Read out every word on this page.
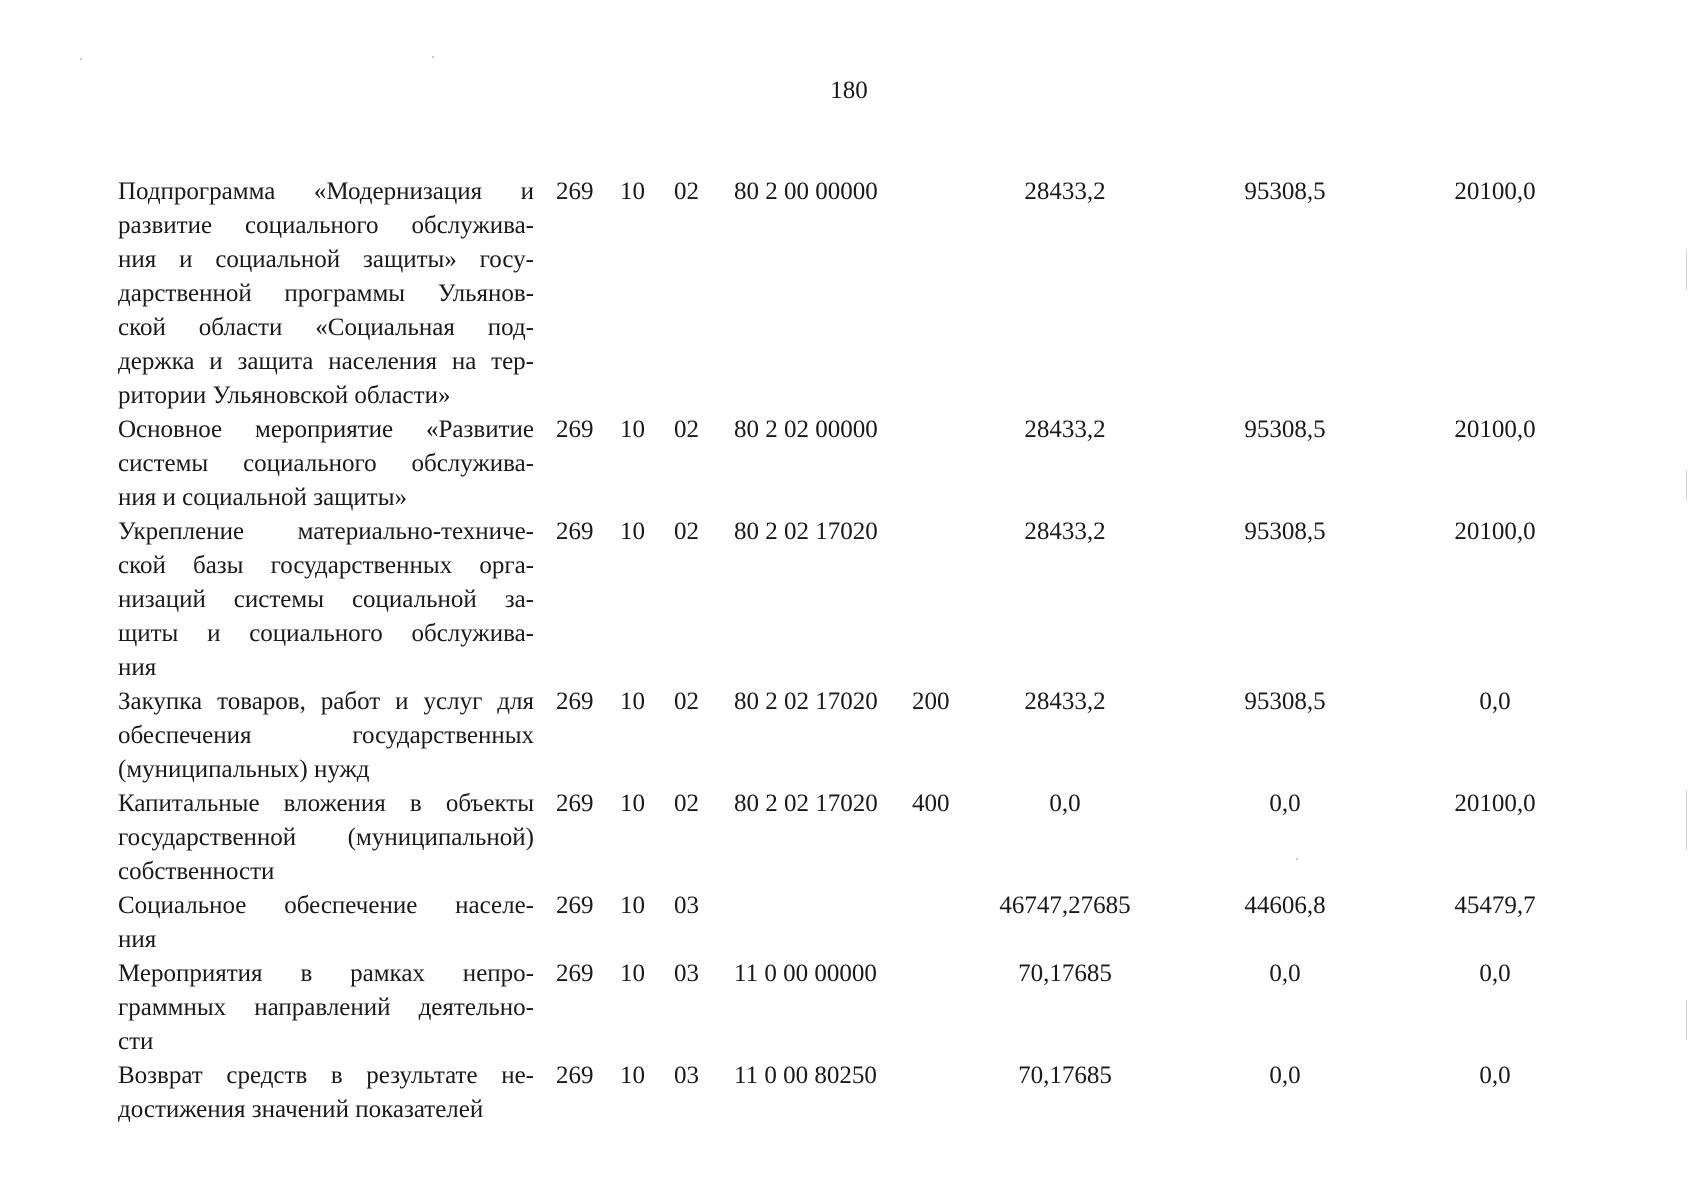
180
Подпрограмма «Модернизация и
развитие социального обслужива-
ния и социальной защиты» госу-
дарственной программы Ульянов-
ской области «Социальная под-
держка и защита населения на тер-
ритории Ульяновской области»
269 10 02 80 2 00 00000	28433,2	95308,5	20100,0
Основное мероприятие «Развитие
системы социального обслужива-
ния и социальной защиты»
269 10 02 80 2 02 00000	28433,2	95308,5	20100,0
Укрепление материально-техниче-
ской базы государственных орга-
низаций системы социальной за-
щиты и социального обслужива-
ния
269 10 02 80 2 02 17020	28433,2	95308,5	20100,0
Закупка товаров, работ и услуг для
обеспечения государственных
(муниципальных) нужд
269 10 02 80 2 02 17020 200	28433,2	95308,5	0,0
Капитальные вложения в объекты
государственной (муниципальной)
собственности
269 10 02 80 2 02 17020 400	0,0	0,0	20100,0
Социальное обеспечение населе-
ния
269 10 03	46747,27685	44606,8	45479,7
Мероприятия в рамках непро-
граммных направлений деятельно-
сти
269 10 03 11 0 00 00000	70,17685	0,0	0,0
Возврат средств в результате не-
достижения значений показателей
269 10 03 11 0 00 80250	70,17685	0,0	0,0
